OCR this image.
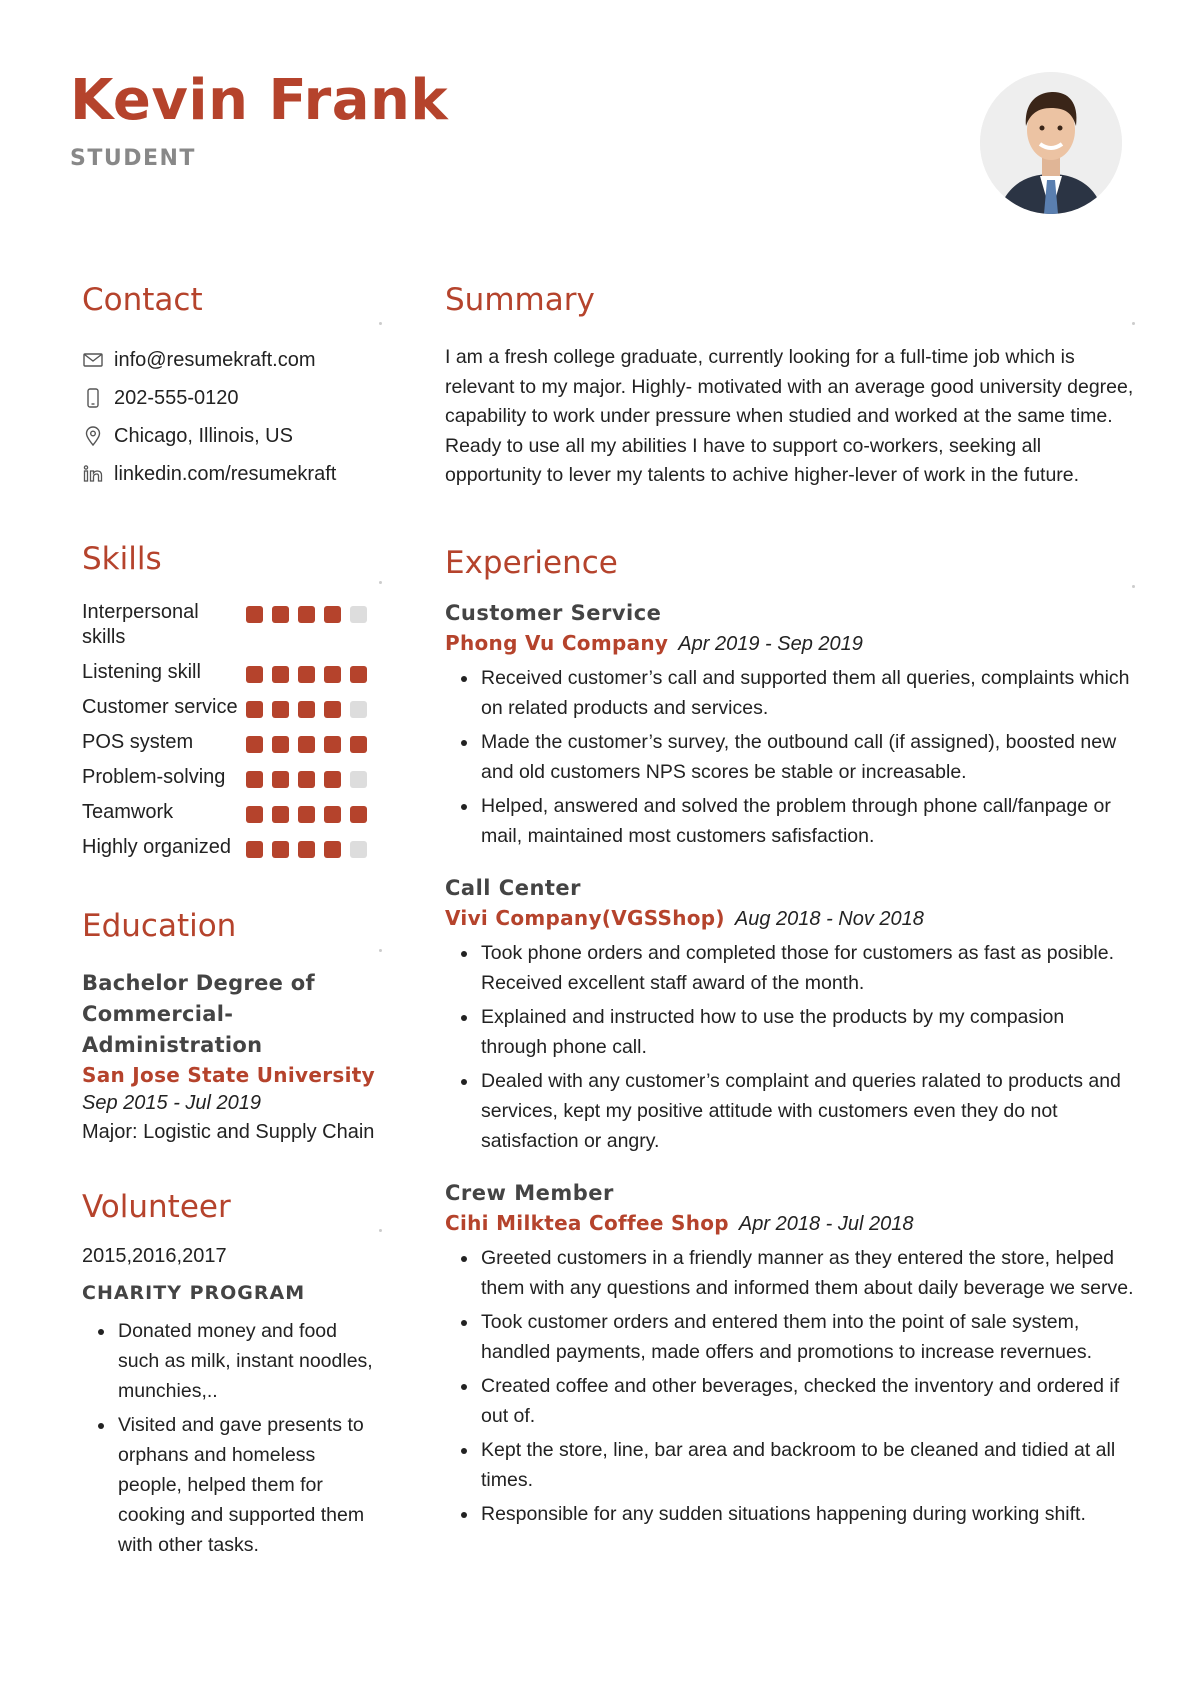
Kevin Frank
STUDENT
Contact
info@resumekraft.com
202-555-0120
Chicago, Illinois, US
linkedin.com/resumekraft
Skills
Interpersonal skills
Listening skill
Customer service
POS system
Problem-solving
Teamwork
Highly organized
Education
Bachelor Degree of Commercial-Administration
San Jose State University
Sep 2015 - Jul 2019
Major: Logistic and Supply Chain
Volunteer
2015,2016,2017
CHARITY PROGRAM
• Donated money and food such as milk, instant noodles, munchies,..
• Visited and gave presents to orphans and homeless people, helped them for cooking and supported them with other tasks.
Summary
I am a fresh college graduate, currently looking for a full-time job which is relevant to my major. Highly- motivated with an average good university degree, capability to work under pressure when studied and worked at the same time. Ready to use all my abilities I have to support co-workers, seeking all opportunity to lever my talents to achive higher-lever of work in the future.
Experience
Customer Service
Phong Vu Company Apr 2019 - Sep 2019
• Received customer’s call and supported them all queries, complaints which on related products and services.
• Made the customer’s survey, the outbound call (if assigned), boosted new and old customers NPS scores be stable or increasable.
• Helped, answered and solved the problem through phone call/fanpage or mail, maintained most customers safisfaction.
Call Center
Vivi Company(VGSShop) Aug 2018 - Nov 2018
• Took phone orders and completed those for customers as fast as posible. Received excellent staff award of the month.
• Explained and instructed how to use the products by my compasion through phone call.
• Dealed with any customer’s complaint and queries ralated to products and services, kept my positive attitude with customers even they do not satisfaction or angry.
Crew Member
Cihi Milktea Coffee Shop Apr 2018 - Jul 2018
• Greeted customers in a friendly manner as they entered the store, helped them with any questions and informed them about daily beverage we serve.
• Took customer orders and entered them into the point of sale system, handled payments, made offers and promotions to increase revernues.
• Created coffee and other beverages, checked the inventory and ordered if out of.
• Kept the store, line, bar area and backroom to be cleaned and tidied at all times.
• Responsible for any sudden situations happening during working shift.
